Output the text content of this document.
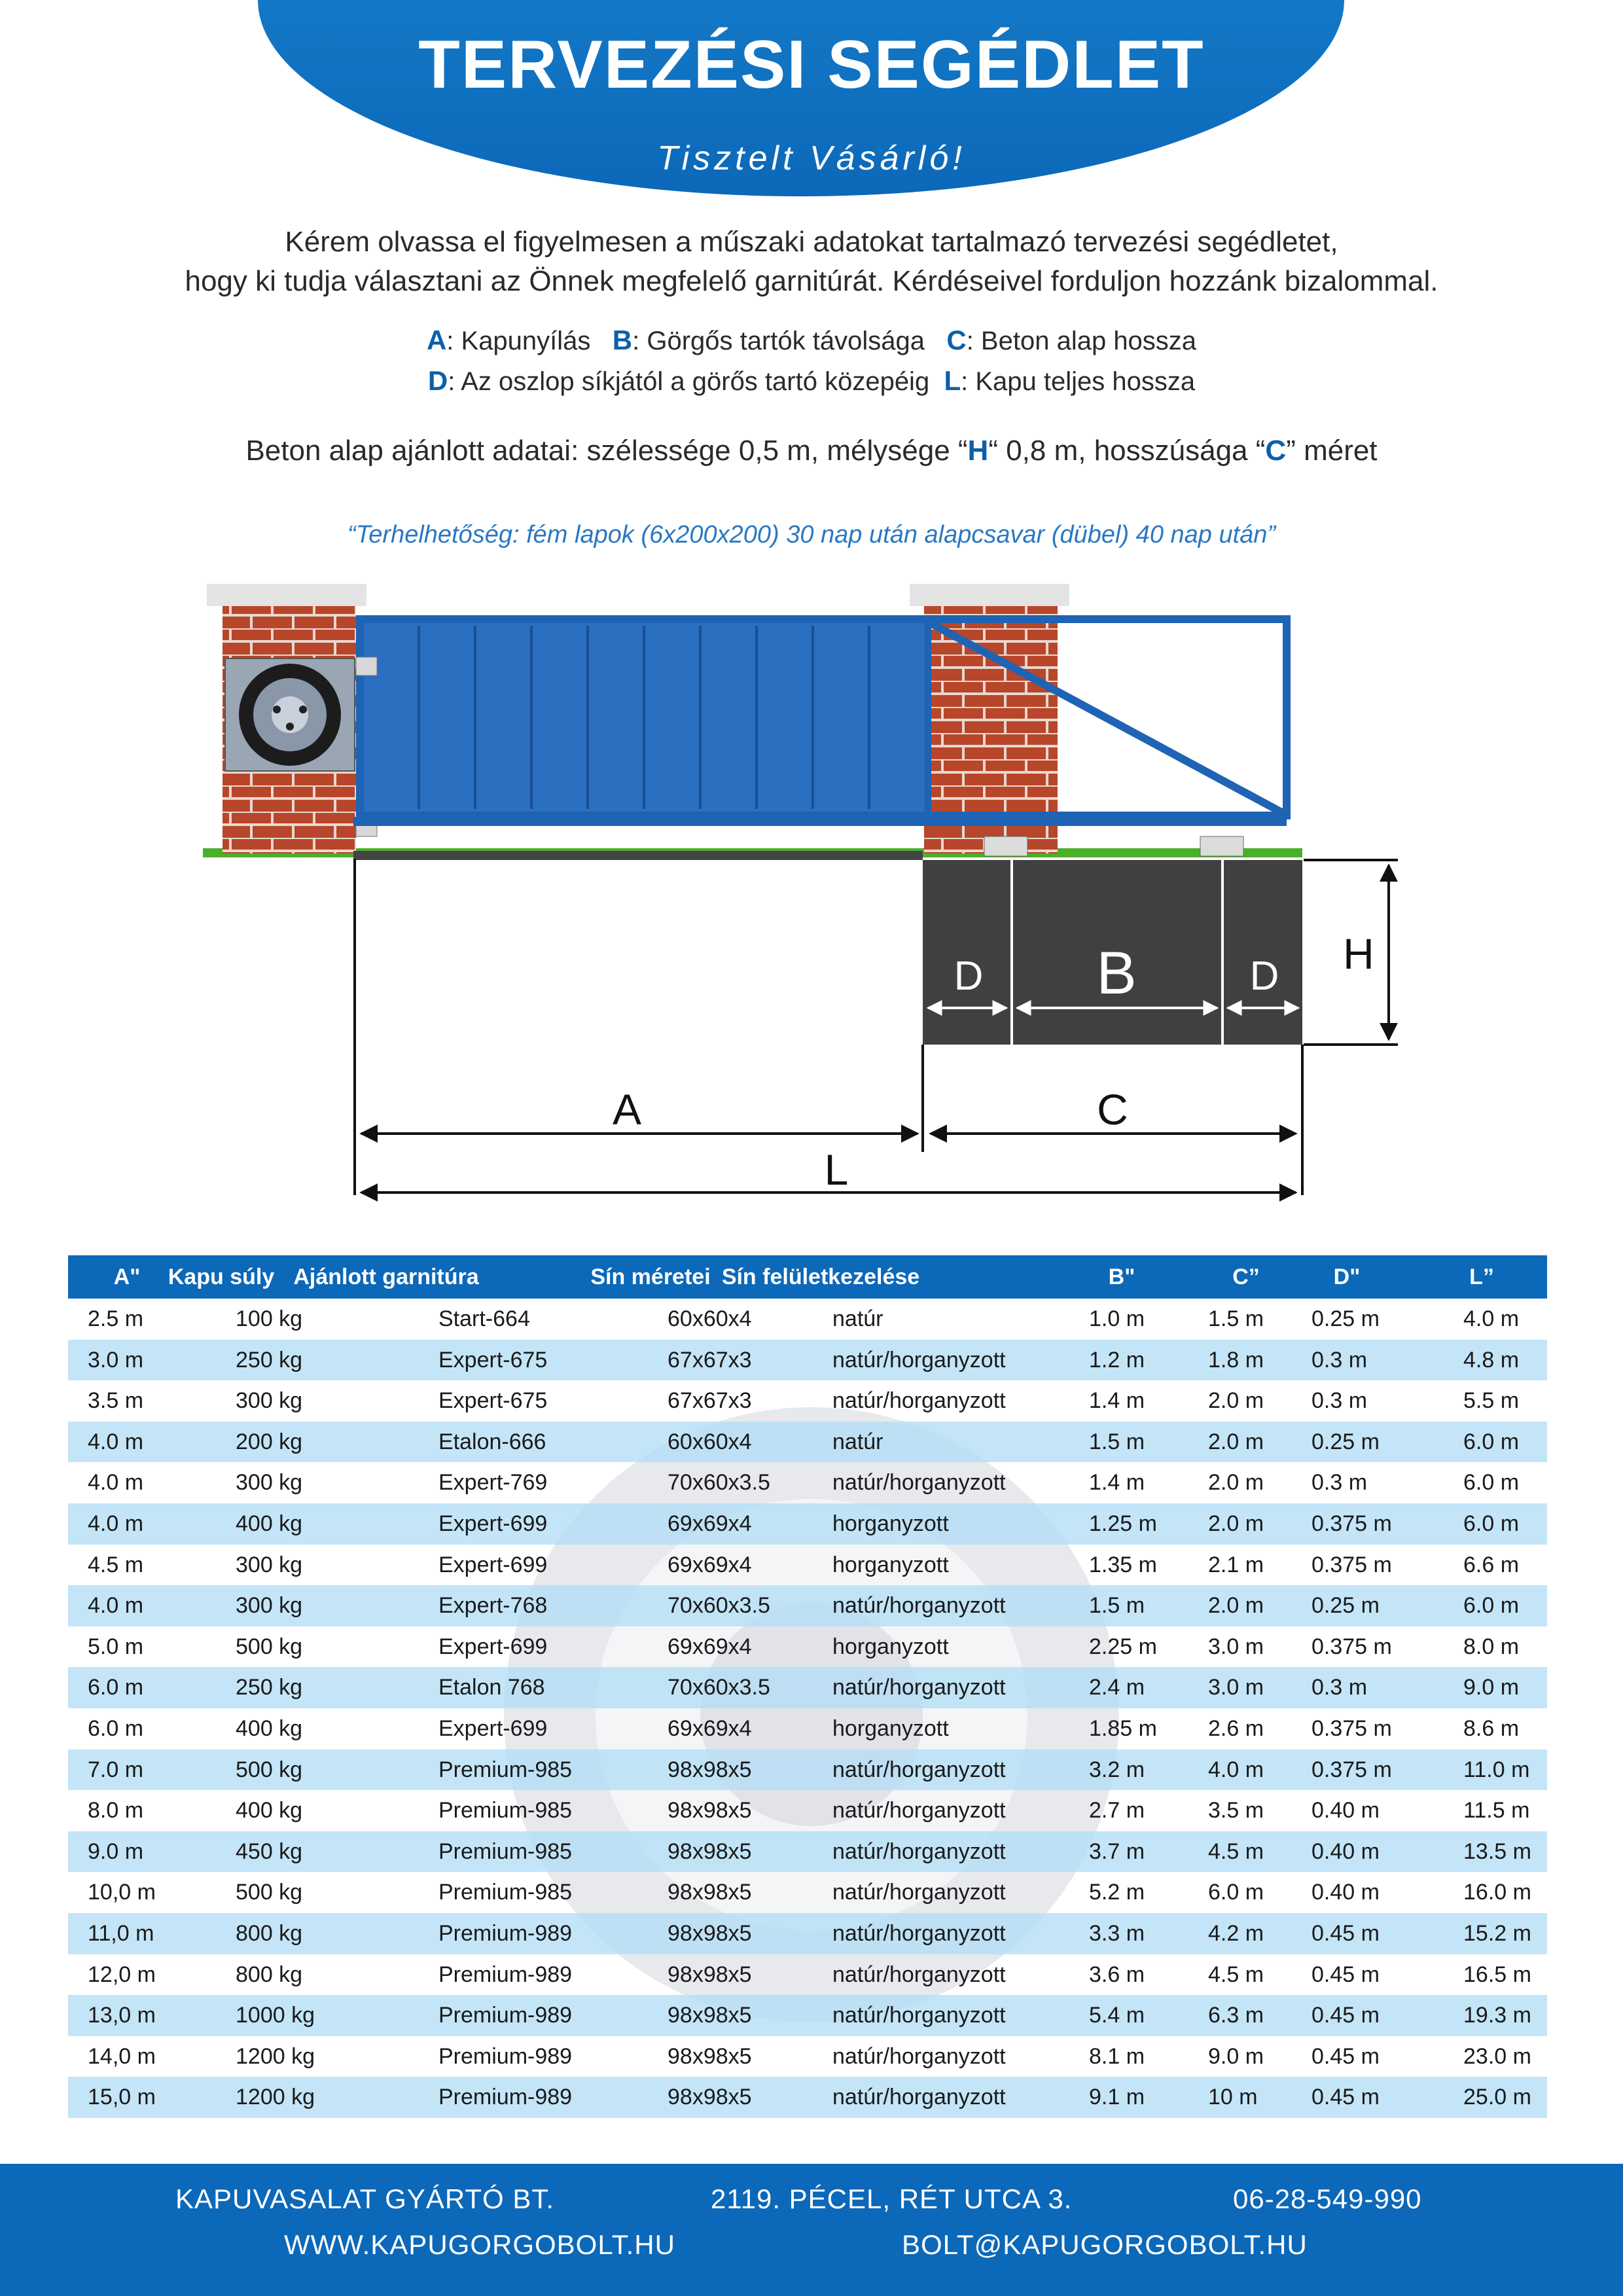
TERVEZÉSI SEGÉDLET
Tisztelt Vásárló!
Kérem olvassa el figyelmesen a műszaki adatokat tartalmazó tervezési segédletet,
hogy ki tudja választani az Önnek megfelelő garnitúrát. Kérdéseivel forduljon hozzánk bizalommal.
A: Kapunyílás B: Görgős tartók távolsága C: Beton alap hossza
D: Az oszlop síkjától a görős tartó közepéig L: Kapu teljes hossza
Beton alap ajánlott adatai: szélessége 0,5 m, mélysége “H“ 0,8 m, hosszúsága “C” méret
“Terhelhetőség: fém lapok (6x200x200) 30 nap után alapcsavar (dübel) 40 nap után”
D B	D H
A	C
L
A" Kapu súly Ajánlott garnitúra	Sín méretei Sín felületkezelése	B"	C”	D"	L”
2.5 m	100 kg	Start-664	60x60x4	natúr	1.0 m	1.5 m 0.25 m	4.0 m
3.0 m	250 kg	Expert-675	67x67x3	natúr/horganyzott	1.2 m	1.8 m 0.3 m	4.8 m
3.5 m	300 kg	Expert-675	67x67x3	natúr/horganyzott	1.4 m	2.0 m 0.3 m	5.5 m
4.0 m	200 kg	Etalon-666	60x60x4	natúr	1.5 m	2.0 m 0.25 m	6.0 m
4.0 m	300 kg	Expert-769	70x60x3.5	natúr/horganyzott	1.4 m	2.0 m 0.3 m	6.0 m
4.0 m	400 kg	Expert-699	69x69x4	horganyzott	1.25 m 2.0 m 0.375 m	6.0 m
4.5 m	300 kg	Expert-699	69x69x4	horganyzott	1.35 m 2.1 m 0.375 m	6.6 m
4.0 m	300 kg	Expert-768	70x60x3.5	natúr/horganyzott	1.5 m	2.0 m 0.25 m	6.0 m
5.0 m	500 kg	Expert-699	69x69x4	horganyzott	2.25 m 3.0 m 0.375 m	8.0 m
6.0 m	250 kg	Etalon 768	70x60x3.5	natúr/horganyzott	2.4 m	3.0 m 0.3 m	9.0 m
6.0 m	400 kg	Expert-699	69x69x4	horganyzott	1.85 m 2.6 m 0.375 m	8.6 m
7.0 m	500 kg	Premium-985	98x98x5	natúr/horganyzott	3.2 m	4.0 m 0.375 m	11.0 m
8.0 m	400 kg	Premium-985	98x98x5	natúr/horganyzott	2.7 m	3.5 m 0.40 m	11.5 m
9.0 m	450 kg	Premium-985	98x98x5	natúr/horganyzott	3.7 m	4.5 m 0.40 m	13.5 m
10,0 m	500 kg	Premium-985	98x98x5	natúr/horganyzott	5.2 m	6.0 m 0.40 m	16.0 m
11,0 m	800 kg	Premium-989	98x98x5	natúr/horganyzott	3.3 m	4.2 m 0.45 m	15.2 m
12,0 m	800 kg	Premium-989	98x98x5	natúr/horganyzott	3.6 m	4.5 m 0.45 m	16.5 m
13,0 m	1000 kg	Premium-989	98x98x5	natúr/horganyzott	5.4 m	6.3 m 0.45 m	19.3 m
14,0 m	1200 kg	Premium-989	98x98x5	natúr/horganyzott	8.1 m	9.0 m 0.45 m	23.0 m
15,0 m	1200 kg	Premium-989	98x98x5	natúr/horganyzott	9.1 m	10 m 0.45 m	25.0 m
KAPUVASALAT GYÁRTÓ BT.	2119. PÉCEL, RÉT UTCA 3.	06-28-549-990
WWW.KAPUGORGOBOLT.HU	BOLT@KAPUGORGOBOLT.HU
